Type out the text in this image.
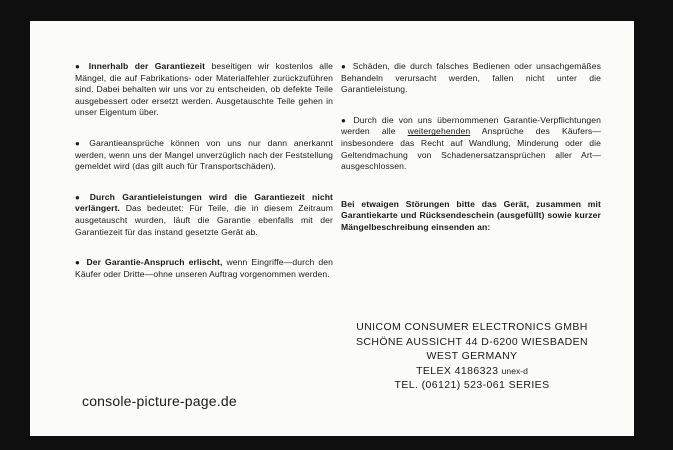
● Innerhalb der Garantiezeit beseitigen wir kostenlos alle Mängel, die auf Fabrikations- oder Materialfehler zurückzuführen sind. Dabei behalten wir uns vor zu entscheiden, ob defekte Teile ausgebessert oder ersetzt werden. Ausgetauschte Teile gehen in unser Eigentum über.

● Garantieansprüche können von uns nur dann anerkannt werden, wenn uns der Mangel unverzüglich nach der Feststellung gemeldet wird (das gilt auch für Transportschäden).

● Durch Garantieleistungen wird die Garantiezeit nicht verlängert. Das bedeutet: Für Teile, die in diesem Zeitraum ausgetauscht wurden, läuft die Garantie ebenfalls mit der Garantiezeit für das instand gesetzte Gerät ab.

● Der Garantie-Anspruch erlischt, wenn Eingriffe—durch den Käufer oder Dritte—ohne unseren Auftrag vorgenommen werden.

● Schäden, die durch falsches Bedienen oder unsachgemäßes Behandeln verursacht werden, fallen nicht unter die Garantieleistung.

● Durch die von uns übernommenen Garantie-Verpflichtungen werden alle weitergehenden Ansprüche des Käufers—insbesondere das Recht auf Wandlung, Minderung oder die Geltendmachung von Schadenersatzansprüchen aller Art—ausgeschlossen.

Bei etwaigen Störungen bitte das Gerät, zusammen mit Garantiekarte und Rücksendeschein (ausgefüllt) sowie kurzer Mängelbeschreibung einsenden an:

UNICOM CONSUMER ELECTRONICS GMBH
SCHÖNE AUSSICHT 44 D-6200 WIESBADEN
WEST GERMANY
TELEX 4186323 unex-d
TEL. (06121) 523-061 SERIES
console-picture-page.de
